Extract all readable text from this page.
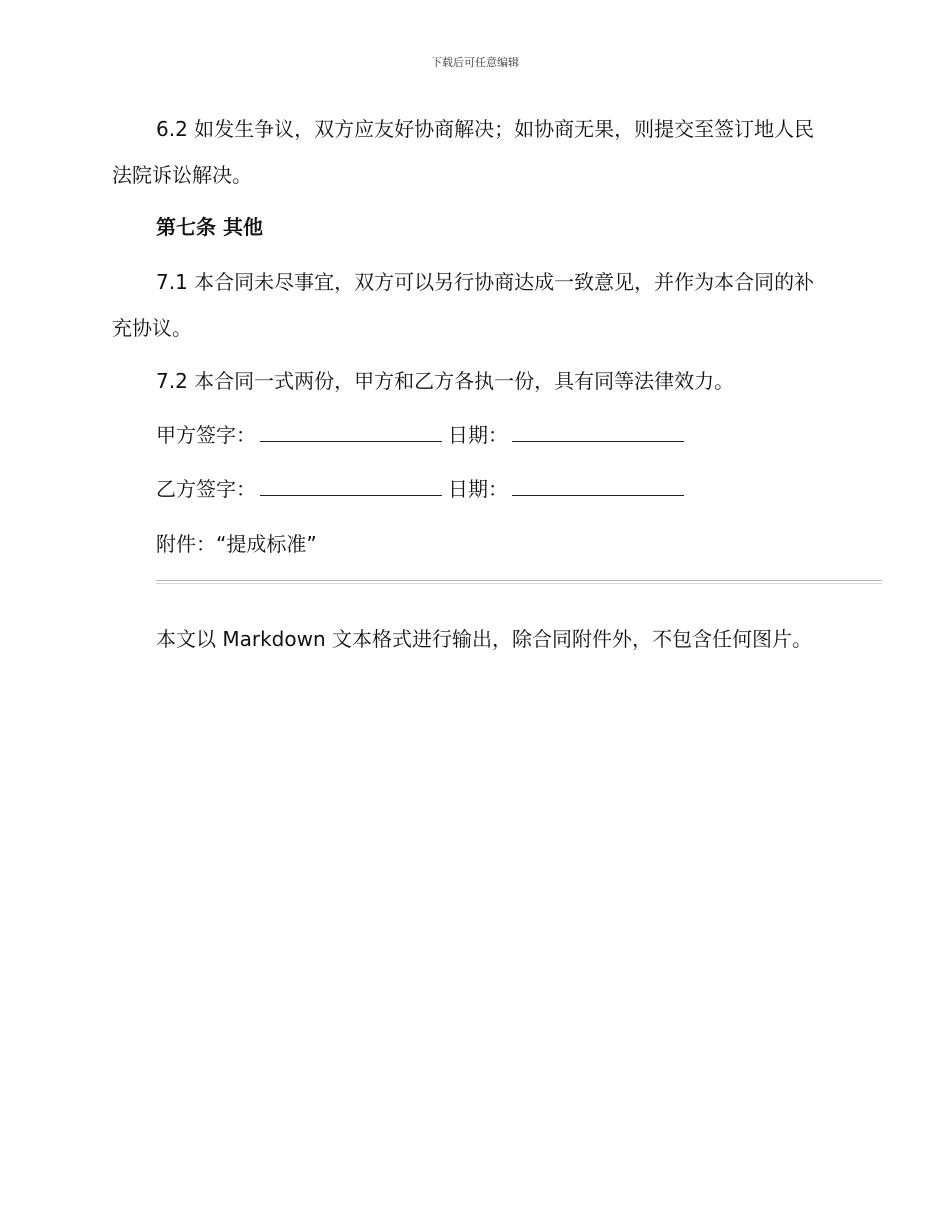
下载后可任意编辑

6.2 如发生争议，双方应友好协商解决；如协商无果，则提交至签订地人民法院诉讼解决。

第七条 其他

7.1 本合同未尽事宜，双方可以另行协商达成一致意见，并作为本合同的补充协议。

7.2 本合同一式两份，甲方和乙方各执一份，具有同等法律效力。

甲方签字：	日期：
乙方签字：	日期：

附件：“提成标准”

本文以 Markdown 文本格式进行输出，除合同附件外，不包含任何图片。
